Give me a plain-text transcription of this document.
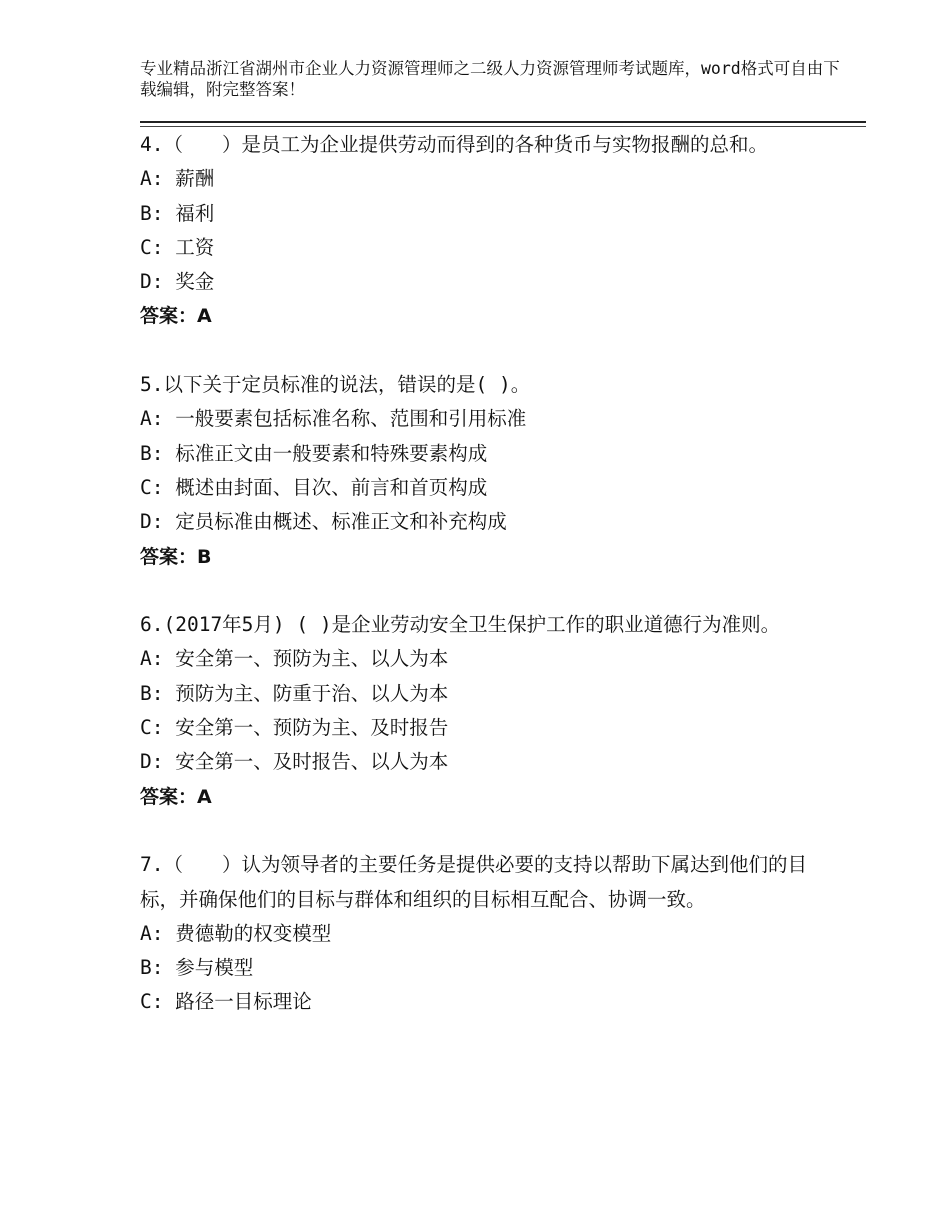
专业精品浙江省湖州市企业人力资源管理师之二级人力资源管理师考试题库，word格式可自由下载编辑，附完整答案！
4.（　　）是员工为企业提供劳动而得到的各种货币与实物报酬的总和。
A: 薪酬
B: 福利
C: 工资
D: 奖金
答案：A
5.以下关于定员标准的说法，错误的是( )。
A: 一般要素包括标准名称、范围和引用标准
B: 标准正文由一般要素和特殊要素构成
C: 概述由封面、目次、前言和首页构成
D: 定员标准由概述、标准正文和补充构成
答案：B
6.(2017年5月) ( )是企业劳动安全卫生保护工作的职业道德行为准则。
A: 安全第一、预防为主、以人为本
B: 预防为主、防重于治、以人为本
C: 安全第一、预防为主、及时报告
D: 安全第一、及时报告、以人为本
答案：A
7.（　　）认为领导者的主要任务是提供必要的支持以帮助下属达到他们的目标，并确保他们的目标与群体和组织的目标相互配合、协调一致。
A: 费德勒的权变模型
B: 参与模型
C: 路径一目标理论
